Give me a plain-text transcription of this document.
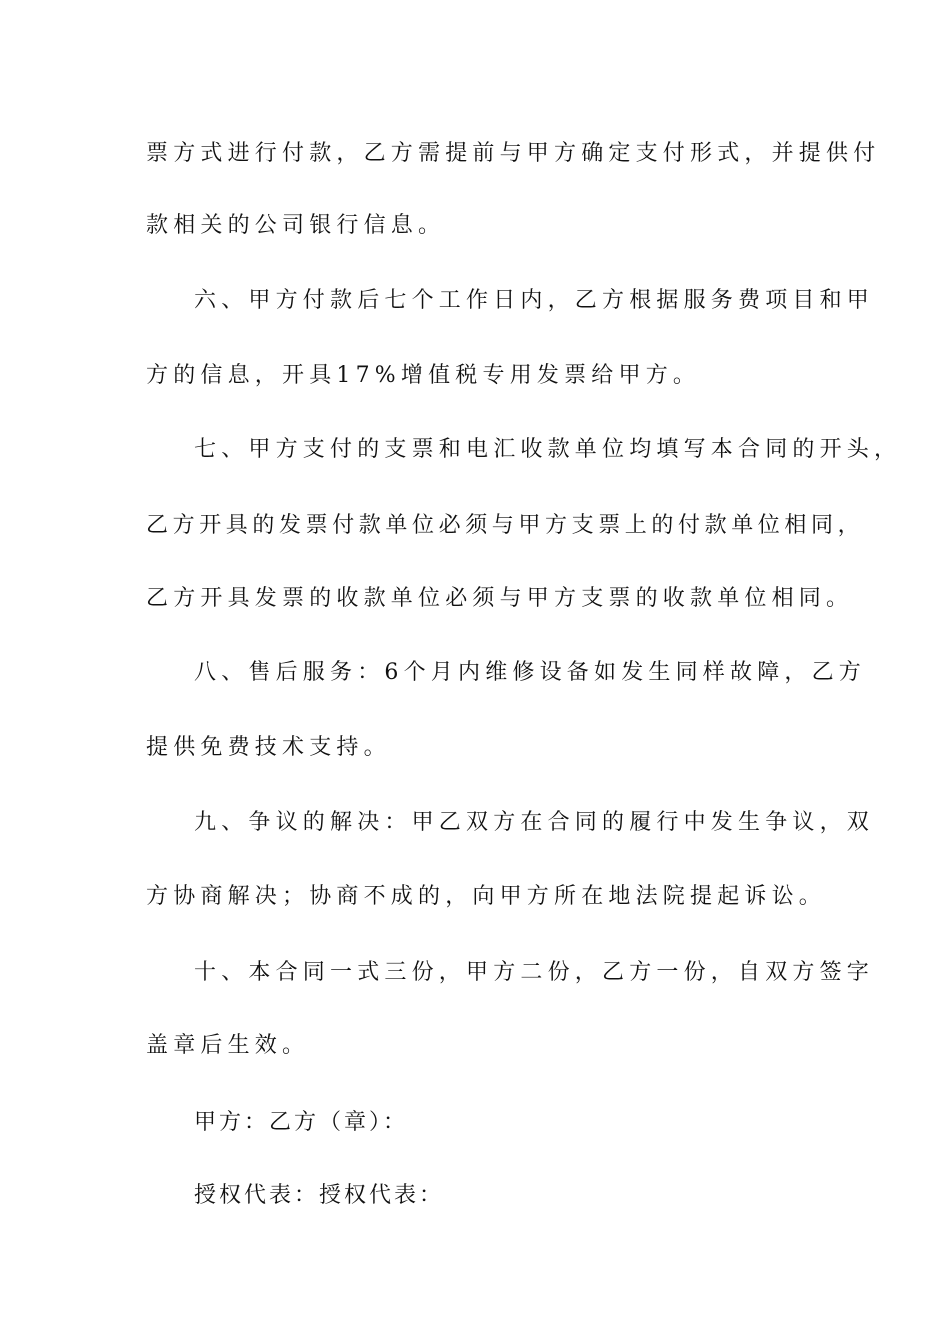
票方式进行付款，乙方需提前与甲方确定支付形式，并提供付
款相关的公司银行信息。
六、甲方付款后七个工作日内，乙方根据服务费项目和甲
方的信息，开具17%增值税专用发票给甲方。
七、甲方支付的支票和电汇收款单位均填写本合同的开头，
乙方开具的发票付款单位必须与甲方支票上的付款单位相同，
乙方开具发票的收款单位必须与甲方支票的收款单位相同。
八、售后服务：6个月内维修设备如发生同样故障，乙方
提供免费技术支持。
九、争议的解决：甲乙双方在合同的履行中发生争议，双
方协商解决；协商不成的，向甲方所在地法院提起诉讼。
十、本合同一式三份，甲方二份，乙方一份，自双方签字
盖章后生效。
甲方：乙方（章）：
授权代表：授权代表：
